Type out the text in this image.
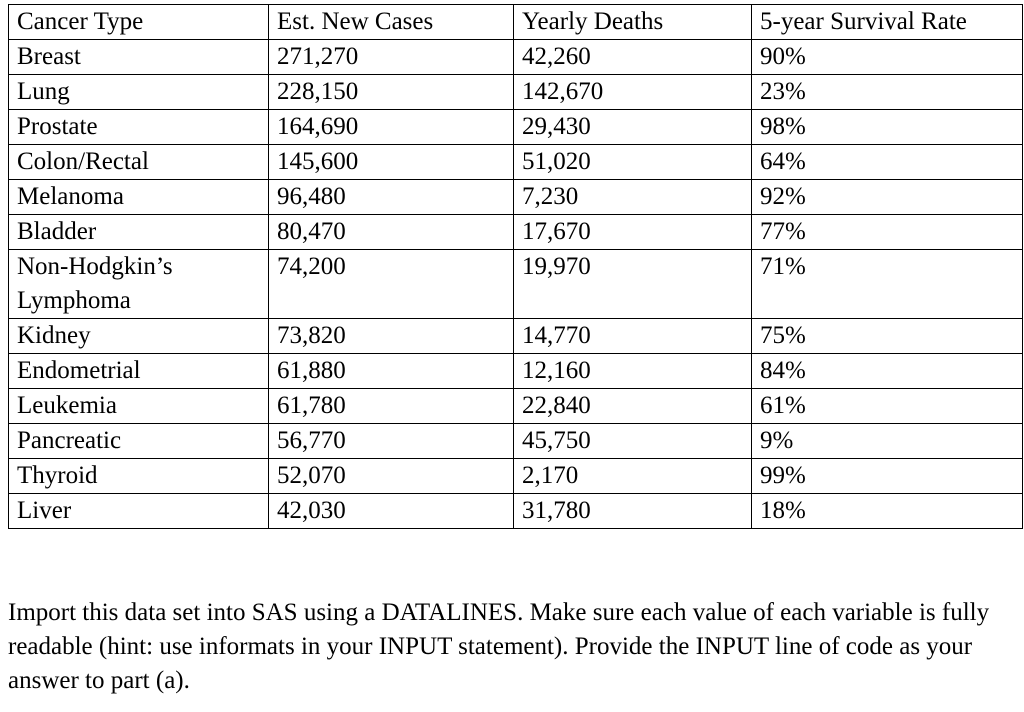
Cancer Type	Est. New Cases	Yearly Deaths	5-year Survival Rate
Breast	271,270	42,260	90%
Lung	228,150	142,670	23%
Prostate	164,690	29,430	98%
Colon/Rectal	145,600	51,020	64%
Melanoma	96,480	7,230	92%
Bladder	80,470	17,670	77%
Non-Hodgkin’s Lymphoma	74,200	19,970	71%
Kidney	73,820	14,770	75%
Endometrial	61,880	12,160	84%
Leukemia	61,780	22,840	61%
Pancreatic	56,770	45,750	9%
Thyroid	52,070	2,170	99%
Liver	42,030	31,780	18%
Import this data set into SAS using a DATALINES. Make sure each value of each variable is fully readable (hint: use informats in your INPUT statement). Provide the INPUT line of code as your answer to part (a).
